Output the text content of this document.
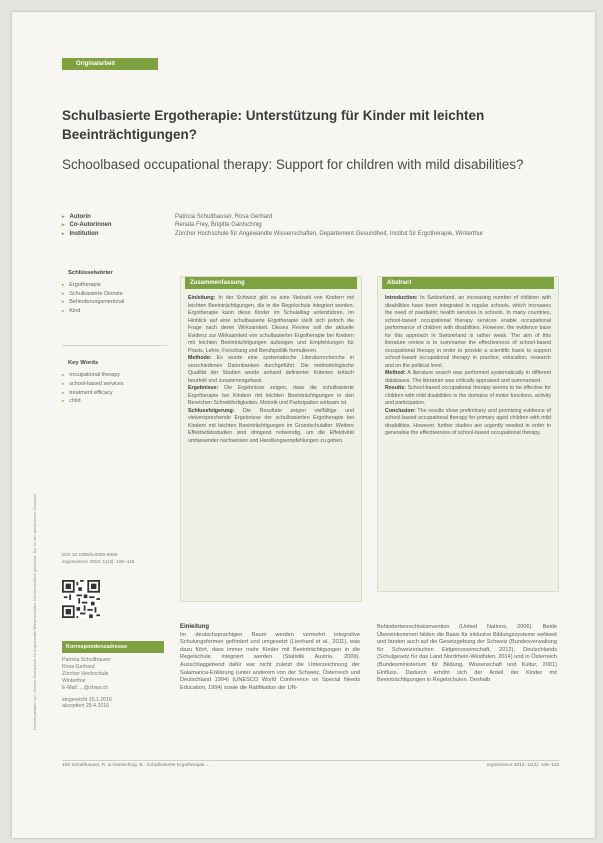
Heruntergeladen von: Zürcher Hochschule für Angewandte Wissenschaften. Urheberrechtlich geschützt. Nur für den persönlichen Gebrauch.
Originalarbeit
Schulbasierte Ergotherapie: Unterstützung für Kinder mit leichten Beeinträchtigungen?
Schoolbased occupational therapy: Support for children with mild disabilities?
▸ Autorin	Patricia Schulthauser, Rosa Gerhard
▸ Co-Autorinnen	Renata Frey, Brigitte Gantschnig
▸ Institution	Zürcher Hochschule für Angewandte Wissenschaften, Departement Gesundheit, Institut für Ergotherapie, Winterthur
Schlüsselwörter
▸ Ergotherapie
▸ Schulbasierte Dienste
▸ Behinderungsmerkmal
▸ Kind
Key Words
▸ occupational therapy
▸ school-based services
▸ treatment efficacy
▸ child
DOI 10.1055/s-0000-0000
ergoscience 2016; 11(3): 106–115
Korrespondenzadresse
Patricia Schulthauser
Rosa Gerhard
Zürcher Hochschule
Winterthur
E-Mail: ...@zhaw.ch
eingereicht 15.1.2016
akzeptiert 28.4.2016
Zusammenfassung

Einleitung: In der Schweiz gibt es eine Vielzahl von Kindern mit leichten Beeinträchtigungen, die in die Regelschule integriert werden. Ergotherapie kann diese Kinder im Schulalltag unterstützen. Im Hinblick auf eine schulbasierte Ergotherapie stellt sich jedoch die Frage nach deren Wirksamkeit. Dieses Review soll die aktuelle Evidenz zur Wirksamkeit von schulbasierter Ergotherapie bei Kindern mit leichten Beeinträchtigungen aufzeigen und Empfehlungen für Praxis, Lehre, Forschung und Berufspolitik formulieren.

Methode: Es wurde eine systematische Literaturrecherche in verschiedenen Datenbanken durchgeführt. Die methodologische Qualität der Studien wurde anhand definierter Kriterien kritisch beurteilt und zusammengefasst.

Ergebnisse: Die Ergebnisse zeigen, dass die schulbasierte Ergotherapie bei Kindern mit leichten Beeinträchtigungen in den Bereichen Schreibfertigkeiten, Motorik und Partizipation wirksam ist.

Schlussfolgerung: Die Resultate zeigen vielfältige und vielversprechende Ergebnisse der schulbasierten Ergotherapie bei Kindern mit leichten Beeinträchtigungen im Grundschulalter. Weitere Effektivitätsstudien sind dringend notwendig, um die Effektivität umfassender nachweisen und Handlungsempfehlungen zu geben.

Abstract

Introduction: In Switzerland, an increasing number of children with disabilities have been integrated in regular schools, which increases the need of paediatric health services in schools. In many countries, school-based occupational therapy services enable occupational performance of children with disabilities. However, the evidence base for this approach in Switzerland is rather weak. The aim of this literature review is to summarise the effectiveness of school-based occupational therapy in order to provide a scientific basis to support school-based occupational therapy in practice, education, research and on the political level.

Method: A literature search was performed systematically in different databases. The literature was critically appraised and summarised.

Results: School-based occupational therapy seems to be effective for children with mild disabilities in the domains of motor functions, activity and participation.

Conclusion: The results show preliminary and promising evidence of school-based occupational therapy for primary aged children with mild disabilities. However, further studies are urgently needed in order to generalise the effectiveness of school-based occupational therapy.

Einleitung

Im deutschsprachigen Raum werden vermehrt integrative Schulungsformen gefördert und umgesetzt (Lienhard et al., 2011), was dazu führt, dass immer mehr Kinder mit Beeinträchtigungen in die Regelschule integriert werden (Statistik Austria, 2009). Ausschlaggebend dafür war nicht zuletzt die Unterzeichnung der Salamanca-Erklärung (unter anderem von der Schweiz, Österreich und Deutschland 1994) (UNESCO World Conference on Special Needs Education, 1994) sowie die Ratifikation der UN-

Behindertenrechtskonvention (United Nations, 2006). Beide Übereinkommen bilden die Basis für inklusive Bildungssysteme weltweit und fanden auch auf die Gesetzgebung der Schweiz (Bundesverwaltung für Schweizerischen Eidgenossenschaft, 2012), Deutschlands (Schulgesetz für das Land Nordrhein-Westfalen, 2014) und in Österreich (Bundesministerium für Bildung, Wissenschaft und Kultur, 2001) Einfluss. Dadurch erhöht sich der Anteil der Kinder mit Beeinträchtigungen in Regelschulen. Deshalb

106 Schulthauser, R. & Gantschnig, B.: Schulbasierte Ergotherapie ...	ergoscience 2016; 11(3): 106–115
